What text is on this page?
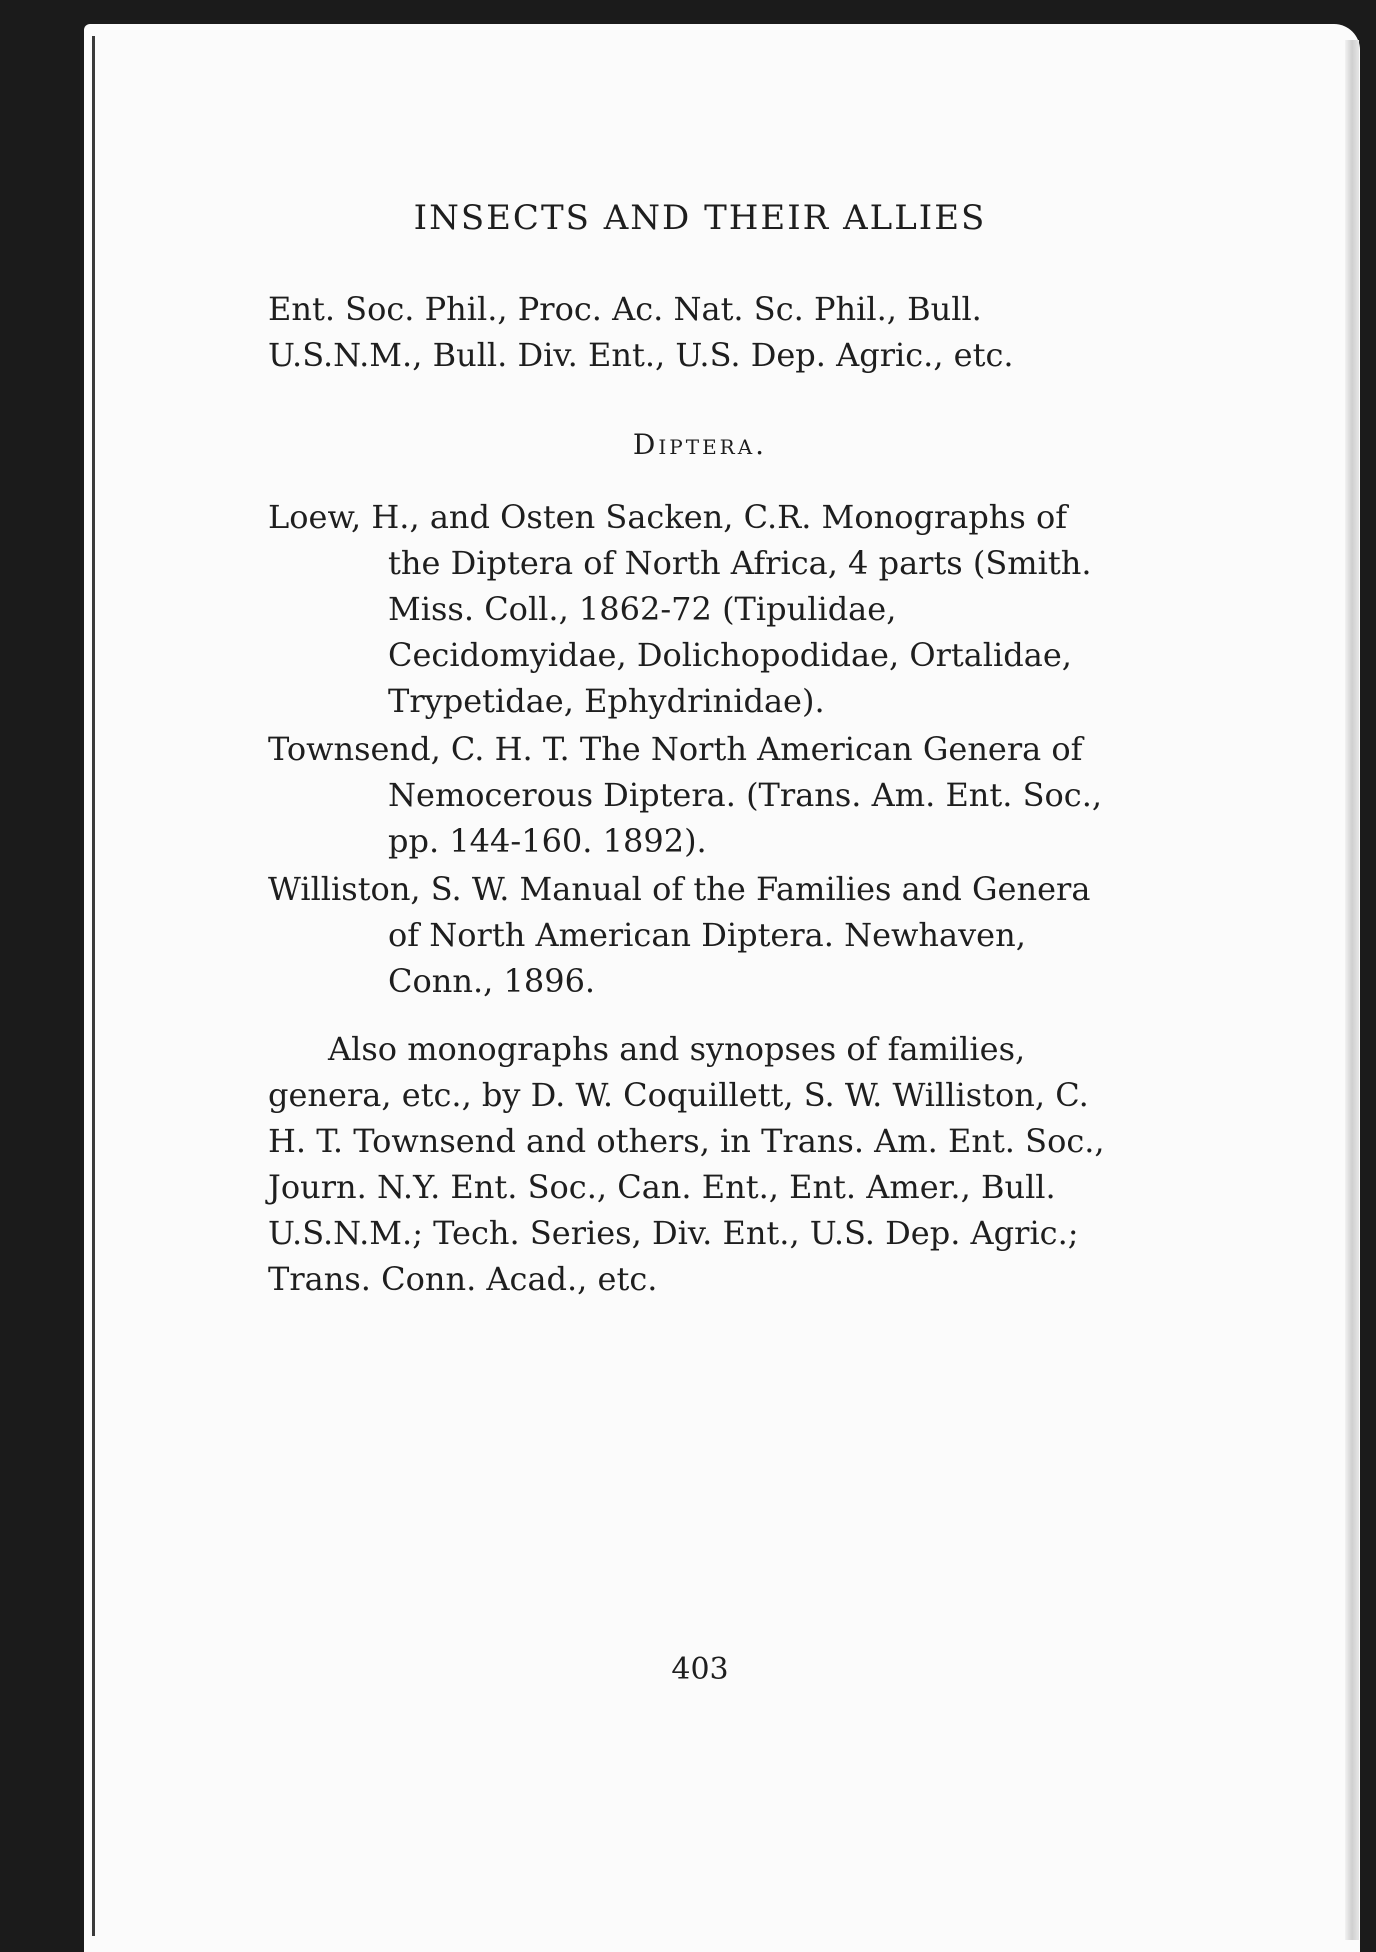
INSECTS AND THEIR ALLIES
Ent. Soc. Phil., Proc. Ac. Nat. Sc. Phil., Bull. U.S.N.M., Bull. Div. Ent., U.S. Dep. Agric., etc.
Diptera.
Loew, H., and Osten Sacken, C.R. Monographs of the Diptera of North Africa, 4 parts (Smith. Miss. Coll., 1862-72 (Tipulidae, Cecidomyidae, Dolichopodidae, Ortalidae, Trypetidae, Ephydrinidae).
Townsend, C. H. T. The North American Genera of Nemocerous Diptera. (Trans. Am. Ent. Soc., pp. 144-160. 1892).
Williston, S. W. Manual of the Families and Genera of North American Diptera. Newhaven, Conn., 1896.
Also monographs and synopses of families, genera, etc., by D. W. Coquillett, S. W. Williston, C. H. T. Townsend and others, in Trans. Am. Ent. Soc., Journ. N.Y. Ent. Soc., Can. Ent., Ent. Amer., Bull. U.S.N.M.; Tech. Series, Div. Ent., U.S. Dep. Agric.; Trans. Conn. Acad., etc.
403
